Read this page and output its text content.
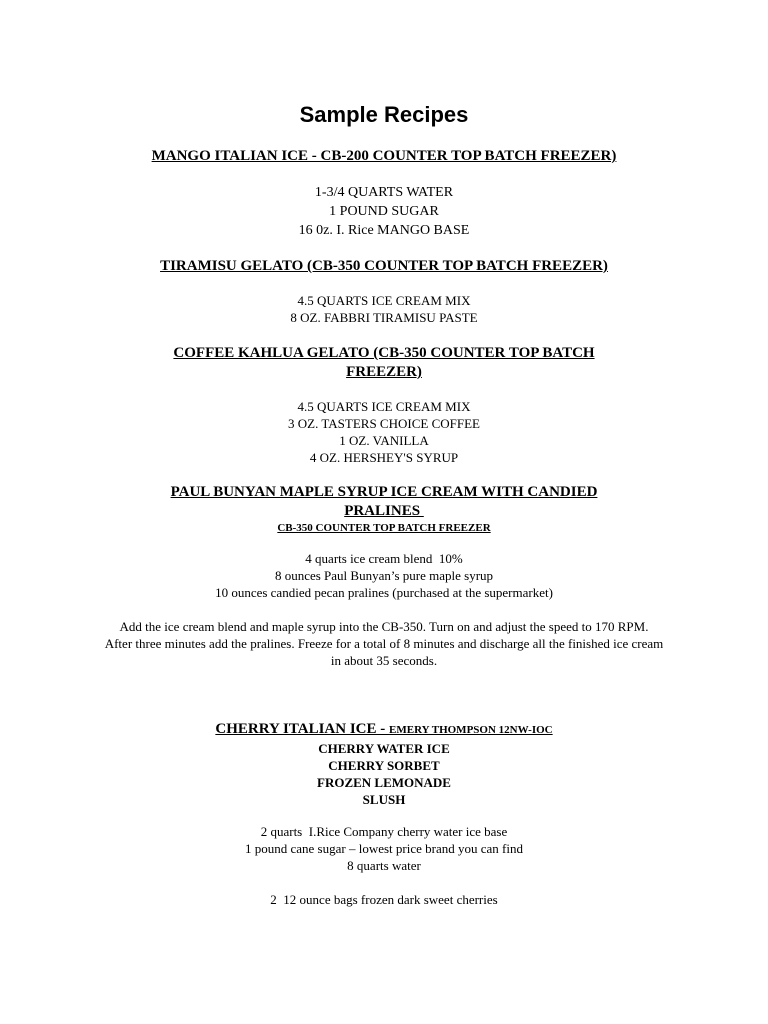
Sample Recipes
MANGO ITALIAN ICE - CB-200 COUNTER TOP BATCH FREEZER)
1-3/4 QUARTS WATER
1 POUND SUGAR
16 0z. I. Rice MANGO BASE
TIRAMISU GELATO (CB-350 COUNTER TOP BATCH FREEZER)
4.5 QUARTS ICE CREAM MIX
8 OZ. FABBRI TIRAMISU PASTE
COFFEE KAHLUA GELATO (CB-350 COUNTER TOP BATCH
FREEZER)
4.5 QUARTS ICE CREAM MIX
3 OZ. TASTERS CHOICE COFFEE
1 OZ. VANILLA
4 OZ. HERSHEY'S SYRUP
PAUL BUNYAN MAPLE SYRUP ICE CREAM WITH CANDIED
PRALINES
CB-350 COUNTER TOP BATCH FREEZER
4 quarts ice cream blend  10%
8 ounces Paul Bunyan’s pure maple syrup
10 ounces candied pecan pralines (purchased at the supermarket)
Add the ice cream blend and maple syrup into the CB-350. Turn on and adjust the speed to 170 RPM.
After three minutes add the pralines. Freeze for a total of 8 minutes and discharge all the finished ice cream
in about 35 seconds.
CHERRY ITALIAN ICE - EMERY THOMPSON 12NW-IOC
CHERRY WATER ICE
CHERRY SORBET
FROZEN LEMONADE
SLUSH
2 quarts  I.Rice Company cherry water ice base
1 pound cane sugar – lowest price brand you can find
8 quarts water
2  12 ounce bags frozen dark sweet cherries
